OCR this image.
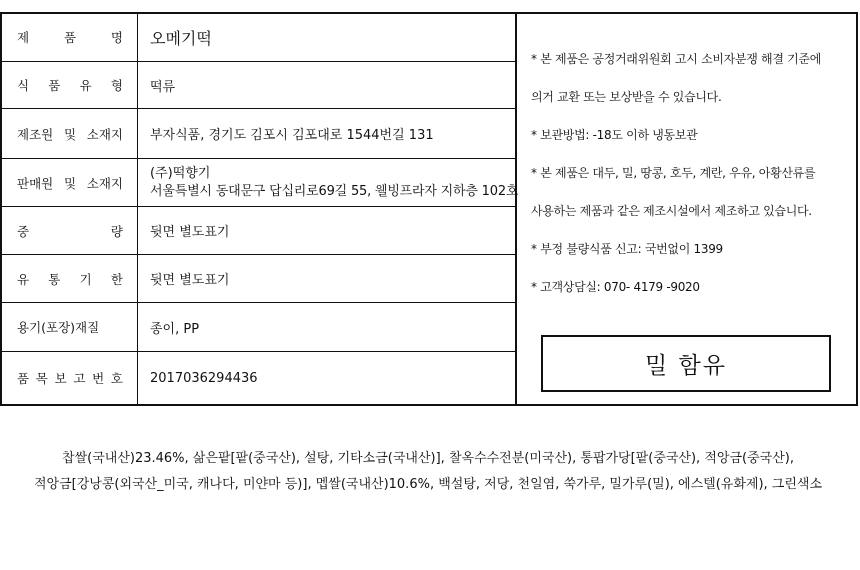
제 품 명	오메기떡
식 품 유 형	떡류
제조원 및 소재지	부자식품, 경기도 김포시 김포대로 1544번길 131
판매원 및 소재지	(주)떡향기
서울특별시 동대문구 답십리로69길 55, 웰빙프라자 지하층 102호

중 량	뒷면 별도표기
유 통 기 한	뒷면 별도표기
용기(포장)재질	종이, PP
품 목 보 고 번 호	2017036294436

* 본 제품은 공정거래위원회 고시 소비자분쟁 해결 기준에

의거 교환 또는 보상받을 수 있습니다.

* 보관방법: -18도 이하 냉동보관

* 본 제품은 대두, 밀, 땅콩, 호두, 계란, 우유, 아황산류를

사용하는 제품과 같은 제조시설에서 제조하고 있습니다.

* 부정 불량식품 신고: 국번없이 1399

* 고객상담실: 070- 4179 -9020

밀 함유
찹쌀(국내산)23.46%, 삶은팥[팥(중국산), 설탕, 기타소금(국내산)], 찰옥수수전분(미국산), 통팝가당[팥(중국산), 적앙금(중국산),
적앙금[강낭콩(외국산_미국, 캐나다, 미얀마 등)], 멥쌀(국내산)10.6%, 백설탕, 저당, 천일염, 쑥가루, 밀가루(밀), 에스텔(유화제), 그린색소
